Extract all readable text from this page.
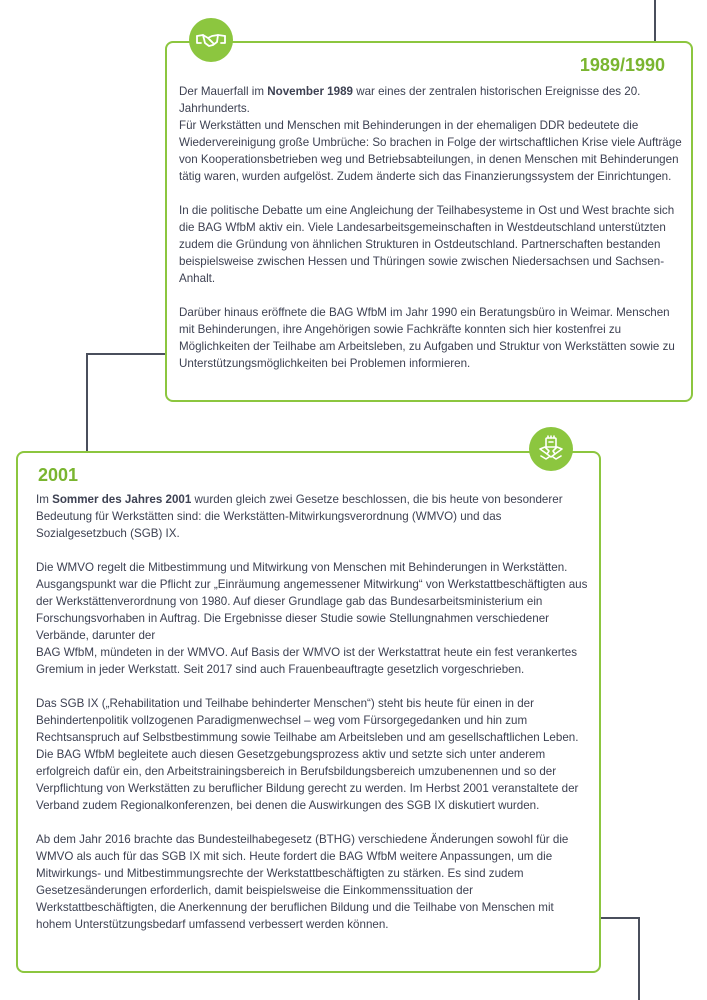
1989/1990

Der Mauerfall im November 1989 war eines der zentralen historischen Ereignisse des 20. Jahrhunderts.
Für Werkstätten und Menschen mit Behinderungen in der ehemaligen DDR bedeutete die Wiedervereinigung große Umbrüche: So brachen in Folge der wirtschaftlichen Krise viele Aufträge von Kooperationsbetrieben weg und Betriebsabteilungen, in denen Menschen mit Behinderungen tätig waren, wurden aufgelöst. Zudem änderte sich das Finanzierungssystem der Einrichtungen.

In die politische Debatte um eine Angleichung der Teilhabesysteme in Ost und West brachte sich die BAG WfbM aktiv ein. Viele Landesarbeitsgemeinschaften in Westdeutschland unterstützten zudem die Gründung von ähnlichen Strukturen in Ostdeutschland. Partnerschaften bestanden beispielsweise zwischen Hessen und Thüringen sowie zwischen Niedersachsen und Sachsen-Anhalt.

Darüber hinaus eröffnete die BAG WfbM im Jahr 1990 ein Beratungsbüro in Weimar. Menschen mit Behinderungen, ihre Angehörigen sowie Fachkräfte konnten sich hier kostenfrei zu Möglichkeiten der Teilhabe am Arbeitsleben, zu Aufgaben und Struktur von Werkstätten sowie zu Unterstützungsmöglichkeiten bei Problemen informieren.

2001

Im Sommer des Jahres 2001 wurden gleich zwei Gesetze beschlossen, die bis heute von besonderer Bedeutung für Werkstätten sind: die Werkstätten-Mitwirkungsverordnung (WMVO) und das Sozialgesetzbuch (SGB) IX.

Die WMVO regelt die Mitbestimmung und Mitwirkung von Menschen mit Behinderungen in Werkstätten. Ausgangspunkt war die Pflicht zur „Einräumung angemessener Mitwirkung“ von Werkstattbeschäftigten aus der Werkstättenverordnung von 1980. Auf dieser Grundlage gab das Bundesarbeitsministerium ein Forschungsvorhaben in Auftrag. Die Ergebnisse dieser Studie sowie Stellungnahmen verschiedener Verbände, darunter der
BAG WfbM, mündeten in der WMVO. Auf Basis der WMVO ist der Werkstattrat heute ein fest verankertes Gremium in jeder Werkstatt. Seit 2017 sind auch Frauenbeauftragte gesetzlich vorgeschrieben.

Das SGB IX („Rehabilitation und Teilhabe behinderter Menschen“) steht bis heute für einen in der Behindertenpolitik vollzogenen Paradigmenwechsel – weg vom Fürsorgegedanken und hin zum Rechtsanspruch auf Selbstbestimmung sowie Teilhabe am Arbeitsleben und am gesellschaftlichen Leben. Die BAG WfbM begleitete auch diesen Gesetzgebungsprozess aktiv und setzte sich unter anderem erfolgreich dafür ein, den Arbeitstrainingsbereich in Berufsbildungsbereich umzubenennen und so der Verpflichtung von Werkstätten zu beruflicher Bildung gerecht zu werden. Im Herbst 2001 veranstaltete der Verband zudem Regionalkonferenzen, bei denen die Auswirkungen des SGB IX diskutiert wurden.

Ab dem Jahr 2016 brachte das Bundesteilhabegesetz (BTHG) verschiedene Änderungen sowohl für die WMVO als auch für das SGB IX mit sich. Heute fordert die BAG WfbM weitere Anpassungen, um die Mitwirkungs- und Mitbestimmungsrechte der Werkstattbeschäftigten zu stärken. Es sind zudem Gesetzesänderungen erforderlich, damit beispielsweise die Einkommenssituation der Werkstattbeschäftigten, die Anerkennung der beruflichen Bildung und die Teilhabe von Menschen mit hohem Unterstützungsbedarf umfassend verbessert werden können.
